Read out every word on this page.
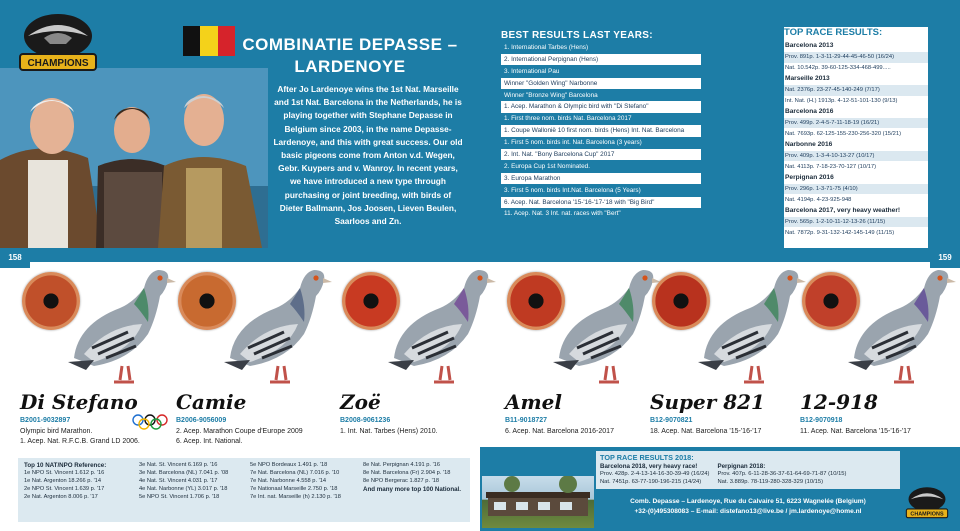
CHAMPIONS
COMBINATIE DEPASSE –
LARDENOYE
After Jo Lardenoye wins the 1st Nat. Marseille and 1st Nat. Barcelona in the Netherlands, he is playing together with Stephane Depasse in Belgium since 2003, in the name Depasse-Lardenoye, and this with great success. Our old basic pigeons come from Anton v.d. Wegen, Gebr. Kuypers and v. Wanroy. In recent years, we have introduced a new type through purchasing or joint breeding, with birds of Dieter Ballmann, Jos Joosen, Lieven Beulen, Saarloos and Zn.
BEST RESULTS LAST YEARS:
1. International Tarbes (Hens)
2. International Perpignan (Hens)
3. International Pau
Winner "Golden Wing" Narbonne
Winner "Bronze Wing" Barcelona
1. Acep. Marathon & Olympic bird with "Di Stefano"
1. First three nom. birds Nat. Barcelona 2017
1. Coupe Wallonië 10 first nom. birds (Hens) Int. Nat. Barcelona
1. First 5 nom. birds int. Nat. Barcelona (3 years)
2. Int. Nat. "Bony Barcelona Cup" 2017
2. Europa Cup 1st Nominated.
3. Europa Marathon
3. First 5 nom. birds Int.Nat. Barcelona (5 Years)
6. Acep. Nat. Barcelona '15-'16-'17-'18 with "Big Bird"
11. Acep. Nat. 3 Int. nat. races with "Bert"
TOP RACE RESULTS:
Barcelona 2013
Prov. 891p. 1-3-11-29-44-45-46-50 (16/24)
Nat. 10.542p. 39-60-125-334-468-499.....
Marseille 2013
Nat. 2376p. 23-27-45-140-249 (7/17)
Int. Nat. (H.) 1913p. 4-12-51-101-130 (9/13)
Barcelona 2016
Prov. 499p. 2-4-5-7-11-18-19 (16/21)
Nat. 7693p. 62-125-155-230-256-320 (15/21)
Narbonne 2016
Prov. 409p. 1-3-4-10-13-27 (10/17)
Nat. 4113p. 7-18-23-70-127 (10/17)
Perpignan 2016
Prov. 296p. 1-3-71-75 (4/10)
Nat. 4194p. 4-23-925-948
Barcelona 2017, very heavy weather!
Prov. 565p. 1-2-10-11-12-13-26 (11/15)
Nat. 7872p. 9-31-132-142-145-149 (11/15)
158	159
Di Stefano
B2001-9032897
Olympic bird Marathon.
1. Acep. Nat. R.F.C.B. Grand LD 2006.
Camie
B2006-9056009
2. Acep. Marathon Coupe d'Europe 2009
6. Acep. Int. National.
Zoë
B2008-9061236
1. Int. Nat. Tarbes (Hens) 2010.
Amel
B11-9018727
6. Acep. Nat. Barcelona 2016-2017
Super 821
B12-9070821
18. Acep. Nat. Barcelona '15-'16-'17
12-918
B12-9070918
11. Acep. Nat. Barcelona '15-'16-'17
Top 10 NAT/NPO Reference:
1e NPO St. Vincent 1.612 p. '16
1e Nat. Argenton 18.266 p. '14
2e NPO St. Vincent 1.639 p. '17
2e Nat. Argenton 8.006 p. '17
3e Nat. St. Vincent 6.169 p. '16
3e Nat. Barcelona (NL) 7.041 p. '08
4e Nat. St. Vincent 4.031 p. '17
4e Nat. Narbonne (YL) 3.017 p. '18
5e NPO St. Vincent 1.706 p. '18
5e NPO Bordeaux 1.491 p. '18
7e Nat. Barcelona (NL) 7.016 p. '10
7e Nat. Narbonne 4.558 p. '14
7e Nationaal Marseille 2.750 p. '18
7e Int. nat. Marseille (h) 2.130 p. '18
8e Nat. Perpignan 4.191 p. '16
8e Nat. Barcelona (Fr) 2.904 p. '18
8e NPO Bergerac 1.827 p. '18
And many more top 100 National.
TOP RACE RESULTS 2018:
Barcelona 2018, very heavy race!
Prov. 428p. 2-4-13-14-16-30-39-49 (16/24)
Nat. 7451p. 63-77-190-196-215 (14/24)
Perpignan 2018:
Prov. 407p. 6-11-28-36-37-61-64-69-71-87 (10/15)
Nat. 3.889p. 78-119-280-328-329 (10/15)
Comb. Depasse – Lardenoye, Rue du Calvaire 51, 6223 Wagnelée (Belgium)
+32-(0)495308083 – E-mail: distefano13@live.be / jm.lardenoye@home.nl	CHAMPIONS
